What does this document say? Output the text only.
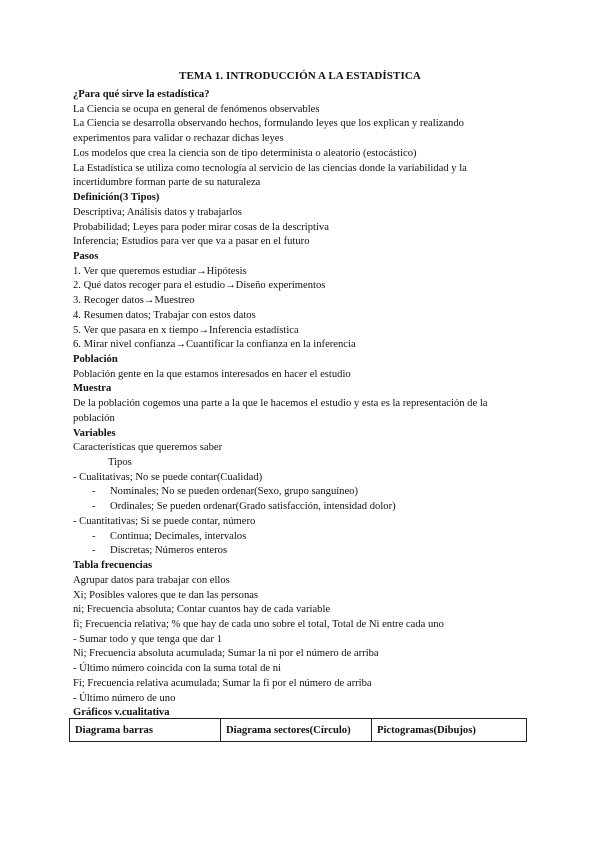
TEMA 1. INTRODUCCIÓN A LA ESTADÍSTICA
¿Para qué sirve la estadística?
La Ciencia se ocupa en general de fenómenos observables
La Ciencia se desarrolla observando hechos, formulando leyes que los explican y realizando
experimentos para validar o rechazar dichas leyes
Los modelos que crea la ciencia son de tipo determinista o aleatorio (estocástico)
La Estadística se utiliza como tecnología al servicio de las ciencias donde la variabilidad y la
incertidumbre forman parte de su naturaleza
Definición(3 Tipos)
Descriptiva; Análisis datos y trabajarlos
Probabilidad; Leyes para poder mirar cosas de la descriptiva
Inferencia; Estudios para ver que va a pasar en el futuro
Pasos
1. Ver que queremos estudiar→Hipótesis
2. Qué datos recoger para el estudio→Diseño experimentos
3. Recoger datos→Muestreo
4. Resumen datos; Trabajar con estos datos
5. Ver que pasara en x tiempo→Inferencia estadística
6. Mirar nivel confianza→Cuantificar la confianza en la inferencia
Población
Población gente en la que estamos interesados en hacer el estudio
Muestra
De la población cogemos una parte a la que le hacemos el estudio y esta es la representación de la
población
Variables
Características que queremos saber
Tipos
- Cualitativas; No se puede contar(Cualidad)
- Nominales; No se pueden ordenar(Sexo, grupo sanguíneo)
- Ordinales; Se pueden ordenar(Grado satisfacción, intensidad dolor)
- Cuantitativas; Si se puede contar, número
- Continua; Decimales, intervalos
- Discretas; Números enteros
Tabla frecuencias
Agrupar datos para trabajar con ellos
Xi; Posibles valores que te dan las personas
ni; Frecuencia absoluta; Contar cuantos hay de cada variable
fi; Frecuencia relativa; % que hay de cada uno sobre el total, Total de Ni entre cada uno
- Sumar todo y que tenga que dar 1
Ni; Frecuencia absoluta acumulada; Sumar la ni por el número de arriba
- Último número coincida con la suma total de ni
Fi; Frecuencia relativa acumulada; Sumar la fi por el número de arriba
- Último número de uno
Gráficos v.cualitativa
Diagrama barras	Diagrama sectores(Círculo)	Pictogramas(Dibujos)
